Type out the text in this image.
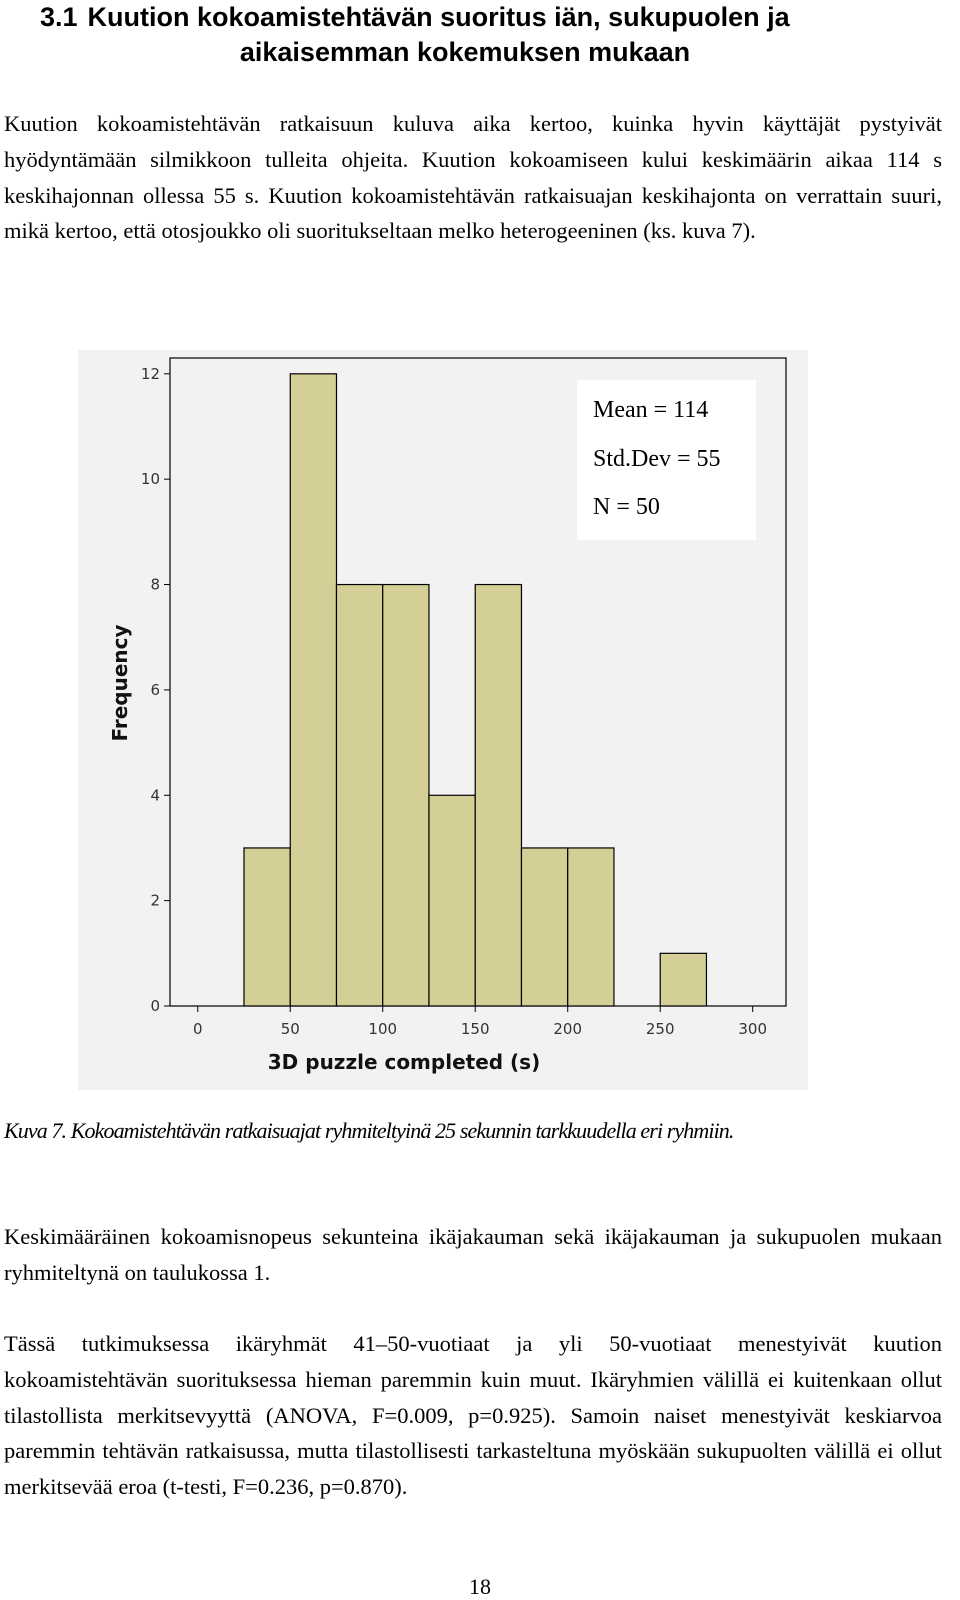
3.1 Kuution kokoamistehtävän suoritus iän, sukupuolen ja
aikaisemman kokemuksen mukaan

Kuution kokoamistehtävän ratkaisuun kuluva aika kertoo, kuinka hyvin käyttäjät pystyivät hyödyntämään silmikkoon tulleita ohjeita. Kuution kokoamiseen kului keskimäärin aikaa 114 s keskihajonnan ollessa 55 s. Kuution kokoamistehtävän ratkaisuajan keskihajonta on verrattain suuri, mikä kertoo, että otosjoukko oli suoritukseltaan melko heterogeeninen (ks. kuva 7).

0
2
4
6
8
10
12
0	50	100	150	200	250	300
3D puzzle completed (s)
Frequency
Mean = 114
Std.Dev = 55
N = 50
Kuva 7. Kokoamistehtävän ratkaisuajat ryhmiteltyinä 25 sekunnin tarkkuudella eri ryhmiin.

Keskimääräinen kokoamisnopeus sekunteina ikäjakauman sekä ikäjakauman ja sukupuolen mukaan ryhmiteltynä on taulukossa 1.

Tässä tutkimuksessa ikäryhmät 41–50-vuotiaat ja yli 50-vuotiaat menestyivät kuution kokoamistehtävän suorituksessa hieman paremmin kuin muut. Ikäryhmien välillä ei kuitenkaan ollut tilastollista merkitsevyyttä (ANOVA, F=0.009, p=0.925). Samoin naiset menestyivät keskiarvoa paremmin tehtävän ratkaisussa, mutta tilastollisesti tarkasteltuna myöskään sukupuolten välillä ei ollut merkitsevää eroa (t-testi, F=0.236, p=0.870).

18
